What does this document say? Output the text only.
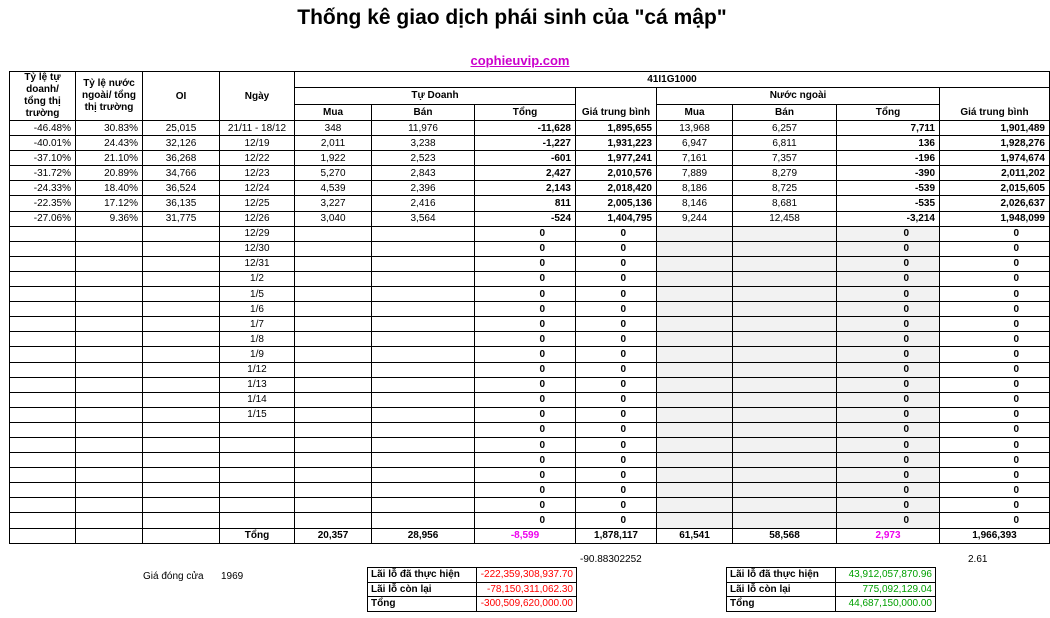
Thống kê giao dịch phái sinh của "cá mập"
cophieuvip.com
Tỷ lệ tự doanh/ tổng thị trường	Tỷ lệ nước ngoài/ tổng thị trường	OI	Ngày	41I1G1000							
				Tự Doanh				Nước ngoài			
				Mua	Bán	Tổng	Giá trung bình	Mua	Bán	Tổng	Giá trung bình
-46.48%	30.83%	25,015	21/11 - 18/12	348	11,976	-11,628	1,895,655	13,968	6,257	7,711	1,901,489
-40.01%	24.43%	32,126	12/19	2,011	3,238	-1,227	1,931,223	6,947	6,811	136	1,928,276
-37.10%	21.10%	36,268	12/22	1,922	2,523	-601	1,977,241	7,161	7,357	-196	1,974,674
-31.72%	20.89%	34,766	12/23	5,270	2,843	2,427	2,010,576	7,889	8,279	-390	2,011,202
-24.33%	18.40%	36,524	12/24	4,539	2,396	2,143	2,018,420	8,186	8,725	-539	2,015,605
-22.35%	17.12%	36,135	12/25	3,227	2,416	811	2,005,136	8,146	8,681	-535	2,026,637
-27.06%	9.36%	31,775	12/26	3,040	3,564	-524	1,404,795	9,244	12,458	-3,214	1,948,099
			12/29			0	0			0	0
			12/30			0	0			0	0
			12/31			0	0			0	0
			1/2			0	0			0	0
			1/5			0	0			0	0
			1/6			0	0			0	0
			1/7			0	0			0	0
			1/8			0	0			0	0
			1/9			0	0			0	0
			1/12			0	0			0	0
			1/13			0	0			0	0
			1/14			0	0			0	0
			1/15			0	0			0	0
						0	0			0	0
						0	0			0	0
						0	0			0	0
						0	0			0	0
						0	0			0	0
						0	0			0	0
						0	0			0	0
			Tổng	20,357	28,956	-8,599	1,878,117	61,541	58,568	2,973	1,966,393
-90.88302252	2.61
Giá đóng cửa 1969	Lãi lỗ đã thực hiện	-222,359,308,937.70
Lãi lỗ còn lại	-78,150,311,062.30
Tổng	-300,509,620,000.00
Lãi lỗ đã thực hiện	43,912,057,870.96
Lãi lỗ còn lại	775,092,129.04
Tổng	44,687,150,000.00
